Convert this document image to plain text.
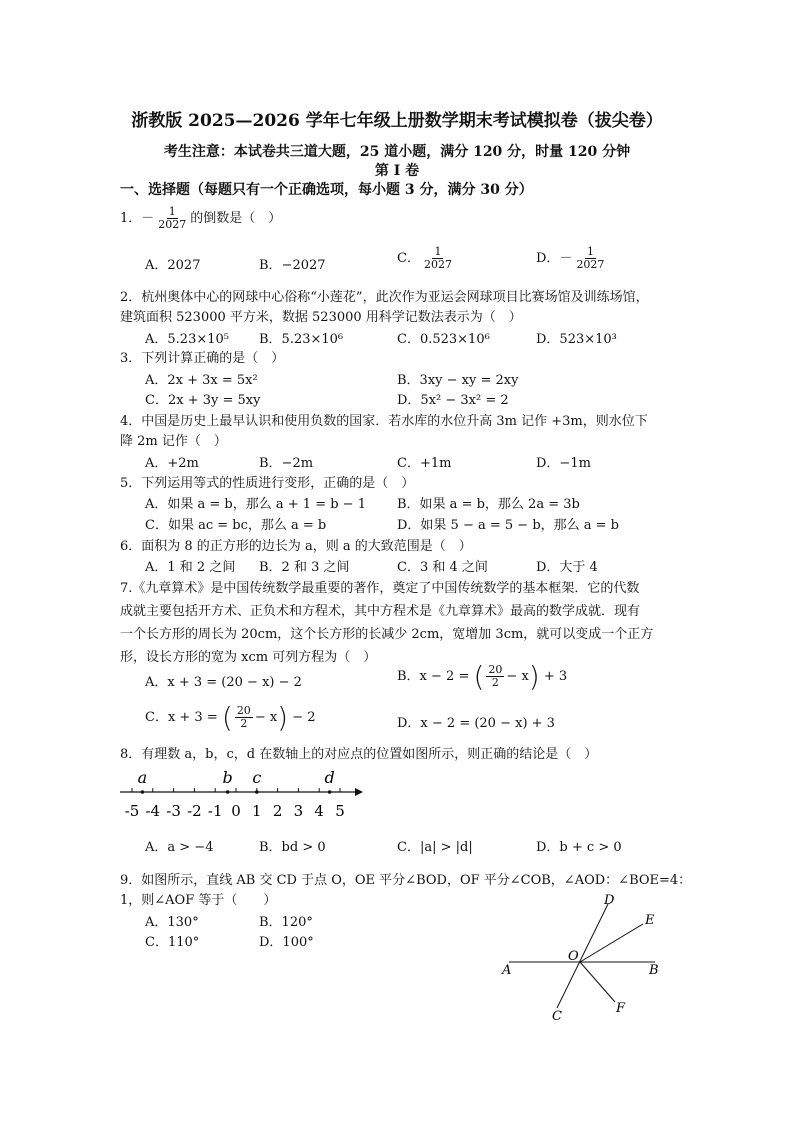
浙教版 2025—2026 学年七年级上册数学期末考试模拟卷（拔尖卷）
考生注意：本试卷共三道大题，25 道小题，满分 120 分，时量 120 分钟
第 I 卷
一、选择题（每题只有一个正确选项，每小题 3 分，满分 30 分）
1．－ $\frac{1}{2027}$ 的倒数是（　）
A．2027	B．−2027	C． $\frac{1}{2027}$	D．－ $\frac{1}{2027}$
2．杭州奥体中心的网球中心俗称“小莲花”，此次作为亚运会网球项目比赛场馆及训练场馆，
建筑面积 523000 平方米，数据 523000 用科学记数法表示为（　）
A．5.23×10⁵ B．5.23×10⁶	C．0.523×10⁶	D．523×10³
3．下列计算正确的是（　）
A．2x + 3x = 5x²	B．3xy − xy = 2xy
C．2x + 3y = 5xy	D．5x² − 3x² = 2
4．中国是历史上最早认识和使用负数的国家．若水库的水位升高 3m 记作 +3m，则水位下
降 2m 记作（　）
A．+2m	B．−2m	C．+1m	D．−1m
5．下列运用等式的性质进行变形，正确的是（　）
A．如果 a = b，那么 a + 1 = b − 1 B．如果 a = b，那么 2a = 3b
C．如果 ac = bc，那么 a = b	D．如果 5 − a = 5 − b，那么 a = b
6．面积为 8 的正方形的边长为 a，则 a 的大致范围是（　）
A．1 和 2 之间 B．2 和 3 之间	C．3 和 4 之间	D．大于 4
7.《九章算术》是中国传统数学最重要的著作，奠定了中国传统数学的基本框架．它的代数
成就主要包括开方术、正负术和方程术，其中方程术是《九章算术》最高的数学成就．现有
一个长方形的周长为 20cm，这个长方形的长减少 2cm，宽增加 3cm，就可以变成一个正方
形，设长方形的宽为 xcm 可列方程为（　）
A．x + 3 = (20 − x) − 2	B．x − 2 = ( $\frac{20}{2} - x) + 3$
C．x + 3 = ( $\frac{20}{2} - x) - 2$	D．x − 2 = (20 − x) + 3
8．有理数 a，b，c，d 在数轴上的对应点的位置如图所示，则正确的结论是（　）
-5 -4 -3 -2 -1 0 1 2 3 4 5
a	b c	d
A．a > −4	B．bd > 0	C．|a| > |d|	D．b + c > 0
9．如图所示，直线 AB 交 CD 于点 O，OE 平分∠BOD，OF 平分∠COB，∠AOD：∠BOE=4：
1，则∠AOF 等于（　　）
A．130°	B．120°
C．110°	D．100°
A	B
C
D
E
F
O
